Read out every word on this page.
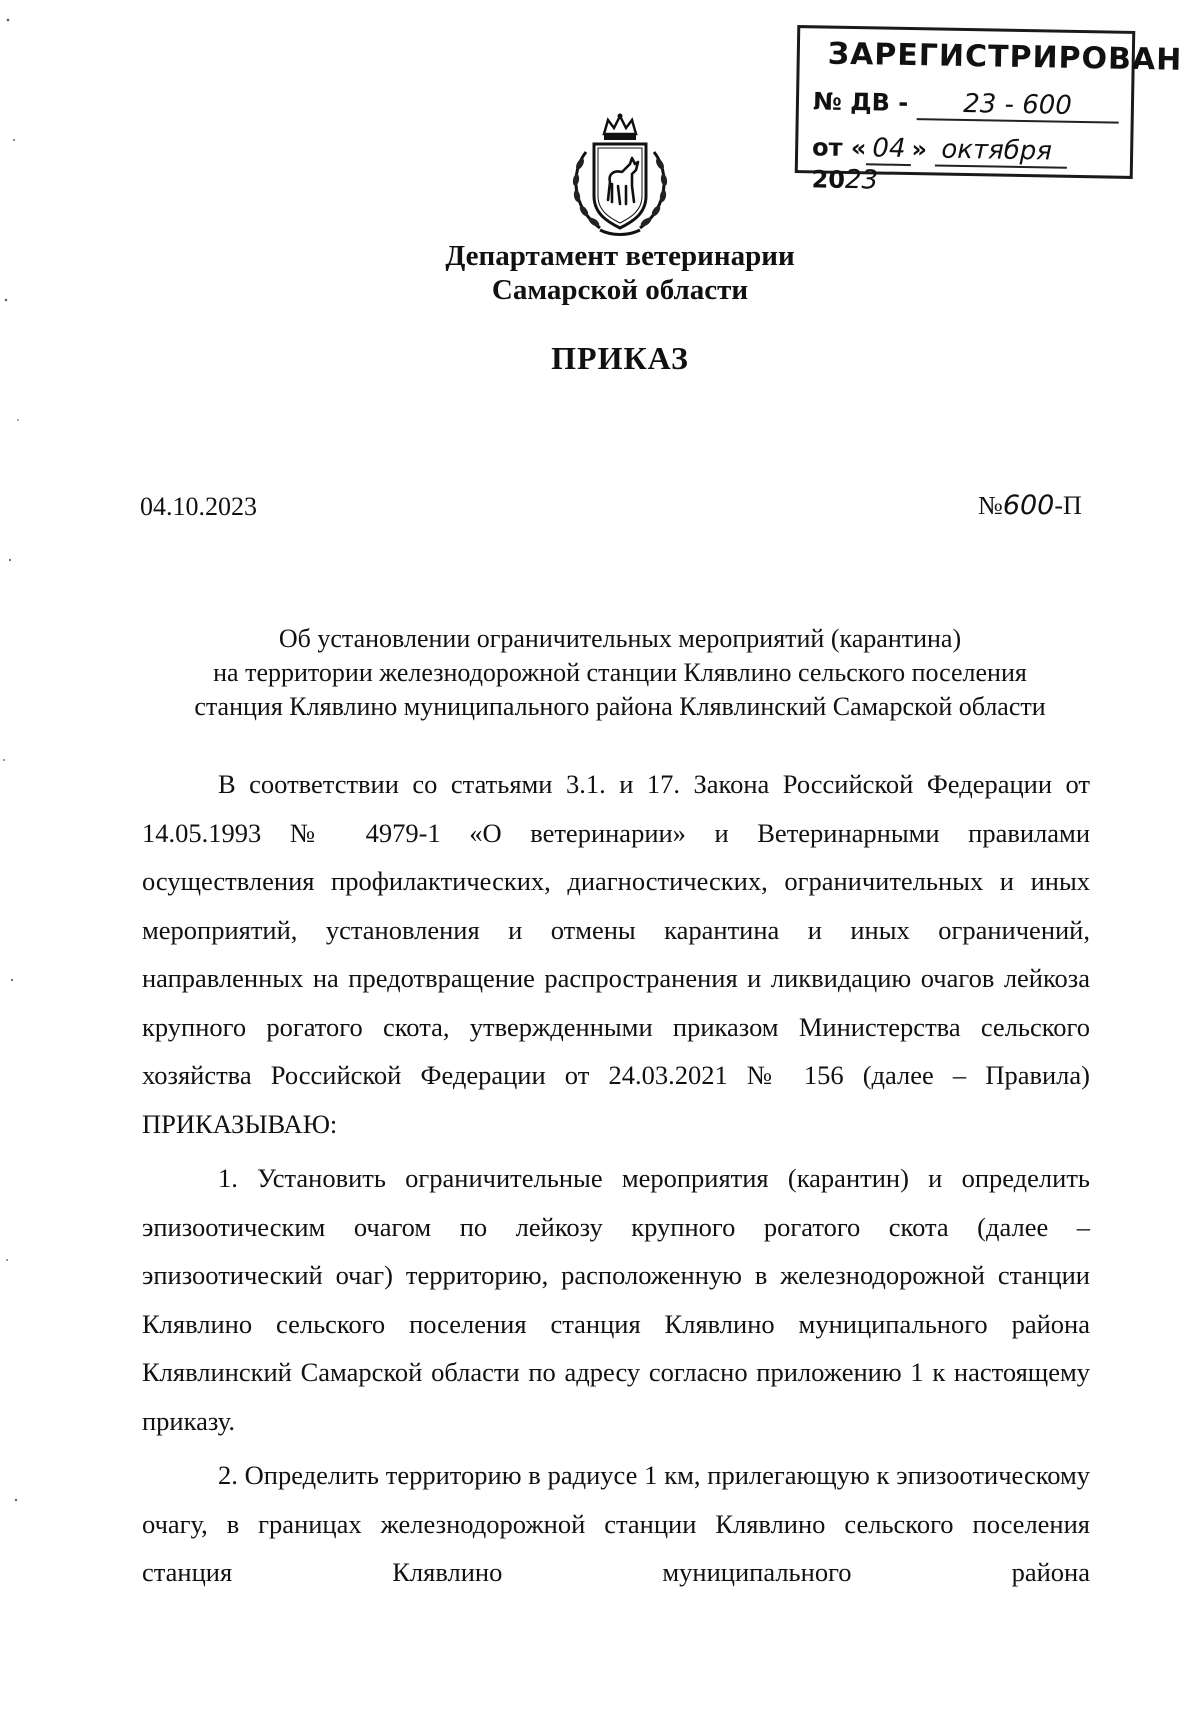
ЗАРЕГИСТРИРОВАН
№ ДВ - 23 - 600
от « 04 » октября 2023
Департамент ветеринарии
Самарской области
ПРИКАЗ
04.10.2023	№600-П
Об установлении ограничительных мероприятий (карантина)
на территории железнодорожной станции Клявлино сельского поселения
станция Клявлино муниципального района Клявлинский Самарской области

В соответствии со статьями 3.1. и 17. Закона Российской Федерации от 14.05.1993 № 4979-1 «О ветеринарии» и Ветеринарными правилами осуществления профилактических, диагностических, ограничительных и иных мероприятий, установления и отмены карантина и иных ограничений, направленных на предотвращение распространения и ликвидацию очагов лейкоза крупного рогатого скота, утвержденными приказом Министерства сельского хозяйства Российской Федерации от 24.03.2021 № 156 (далее – Правила) ПРИКАЗЫВАЮ:

1. Установить ограничительные мероприятия (карантин) и определить эпизоотическим очагом по лейкозу крупного рогатого скота (далее – эпизоотический очаг) территорию, расположенную в железнодорожной станции Клявлино сельского поселения станция Клявлино муниципального района Клявлинский Самарской области по адресу согласно приложению 1 к настоящему приказу.

2. Определить территорию в радиусе 1 км, прилегающую к эпизоотическому очагу, в границах железнодорожной станции Клявлино сельского поселения станция Клявлино муниципального района
